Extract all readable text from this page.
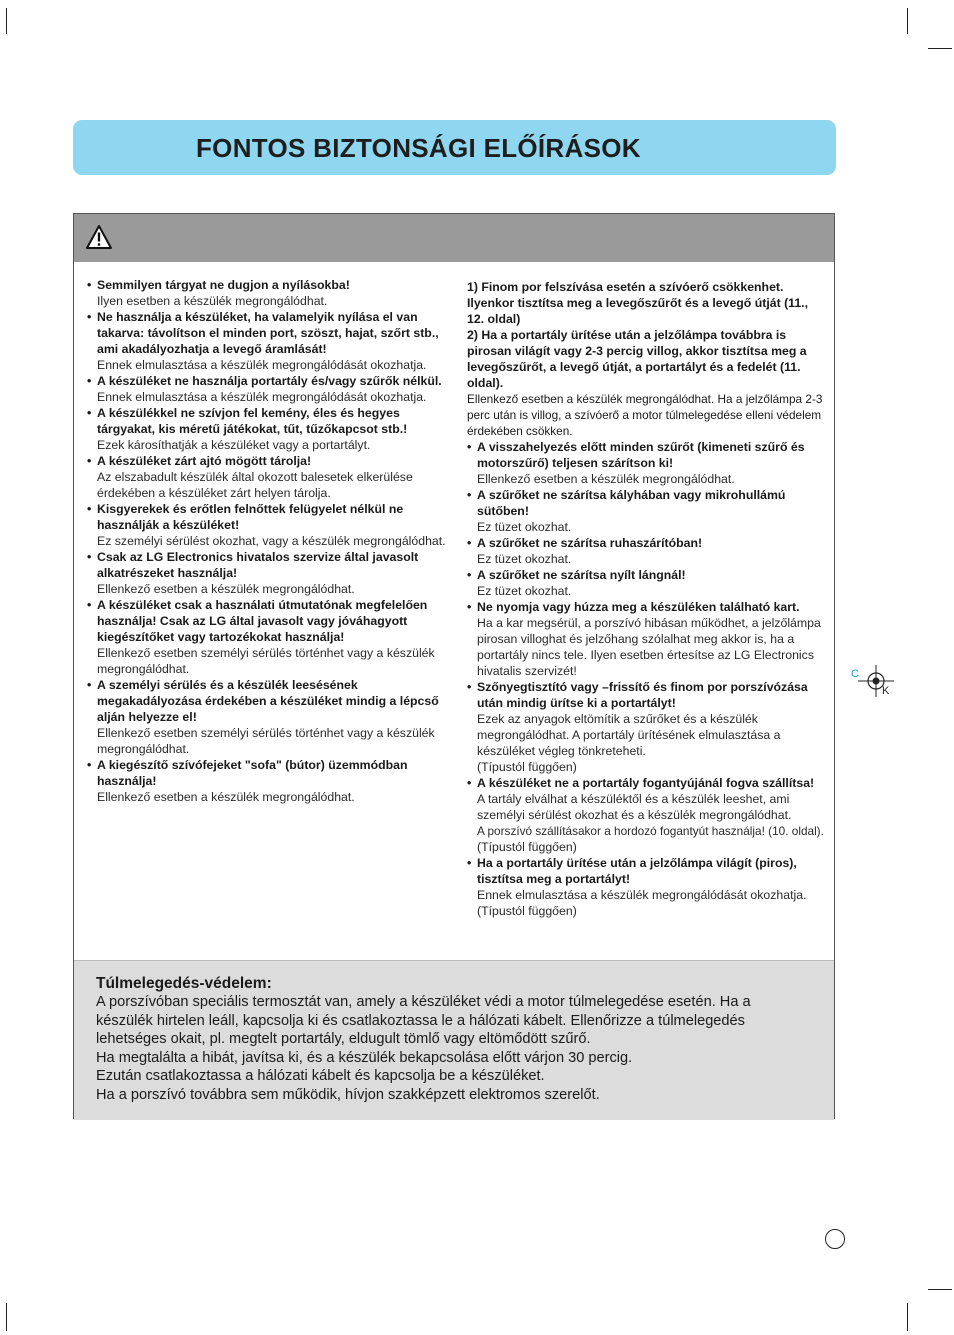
FONTOS BIZTONSÁGI ELŐÍRÁSOK
• Semmilyen tárgyat ne dugjon a nyílásokba!
Ilyen esetben a készülék megrongálódhat.
• Ne használja a készüléket, ha valamelyik nyílása el van takarva: távolítson el minden port, szöszt, hajat, szőrt stb., ami akadályozhatja a levegő áramlását!
Ennek elmulasztása a készülék megrongálódását okozhatja.
• A készüléket ne használja portartály és/vagy szűrők nélkül.
Ennek elmulasztása a készülék megrongálódását okozhatja.
• A készülékkel ne szívjon fel kemény, éles és hegyes tárgyakat, kis méretű játékokat, tűt, tűzőkapcsot stb.!
Ezek károsíthatják a készüléket vagy a portartályt.
• A készüléket zárt ajtó mögött tárolja!
Az elszabadult készülék által okozott balesetek elkerülése érdekében a készüléket zárt helyen tárolja.
• Kisgyerekek és erőtlen felnőttek felügyelet nélkül ne használják a készüléket!
Ez személyi sérülést okozhat, vagy a készülék megrongálódhat.
• Csak az LG Electronics hivatalos szervize által javasolt alkatrészeket használja!
Ellenkező esetben a készülék megrongálódhat.
• A készüléket csak a használati útmutatónak megfelelően használja! Csak az LG által javasolt vagy jóváhagyott kiegészítőket vagy tartozékokat használja!
Ellenkező esetben személyi sérülés történhet vagy a készülék megrongálódhat.
• A személyi sérülés és a készülék leesésének megakadályozása érdekében a készüléket mindig a lépcső alján helyezze el!
Ellenkező esetben személyi sérülés történhet vagy a készülék megrongálódhat.
• A kiegészítő szívófejeket "sofa" (bútor) üzemmódban használja!
Ellenkező esetben a készülék megrongálódhat.
1) Finom por felszívása esetén a szívóerő csökkenhet. Ilyenkor tisztítsa meg a levegőszűrőt és a levegő útját (11., 12. oldal)
2) Ha a portartály ürítése után a jelzőlámpa továbbra is pirosan világít vagy 2-3 percig villog, akkor tisztítsa meg a levegőszűrőt, a levegő útját, a portartályt és a fedelét (11. oldal).
Ellenkező esetben a készülék megrongálódhat. Ha a jelzőlámpa 2-3 perc után is villog, a szívóerő a motor túlmelegedése elleni védelem érdekében csökken.
• A visszahelyezés előtt minden szűrőt (kimeneti szűrő és motorszűrő) teljesen szárítson ki!
Ellenkező esetben a készülék megrongálódhat.
• A szűrőket ne szárítsa kályhában vagy mikrohullámú sütőben!
Ez tüzet okozhat.
• A szűrőket ne szárítsa ruhaszárítóban!
Ez tüzet okozhat.
• A szűrőket ne szárítsa nyílt lángnál!
Ez tüzet okozhat.
• Ne nyomja vagy húzza meg a készüléken található kart.
Ha a kar megsérül, a porszívó hibásan működhet, a jelzőlámpa pirosan villoghat és jelzőhang szólalhat meg akkor is, ha a portartály nincs tele. Ilyen esetben értesítse az LG Electronics hivatalis szervizét!
• Szőnyegtisztító vagy –frissítő és finom por porszívózása után mindig ürítse ki a portartályt!
Ezek az anyagok eltömítik a szűrőket és a készülék megrongálódhat. A portartály ürítésének elmulasztása a készüléket végleg tönkreteheti.
(Típustól függően)
• A készüléket ne a portartály fogantyújánál fogva szállítsa!
A tartály elválhat a készüléktől és a készülék leeshet, ami személyi sérülést okozhat és a készülék megrongálódhat.
A porszívó szállításakor a hordozó fogantyút használja! (10. oldal).
(Típustól függően)
• Ha a portartály ürítése után a jelzőlámpa világít (piros), tisztítsa meg a portartályt!
Ennek elmulasztása a készülék megrongálódását okozhatja.
(Típustól függően)
Túlmelegedés-védelem:
A porszívóban speciális termosztát van, amely a készüléket védi a motor túlmelegedése esetén. Ha a
készülék hirtelen leáll, kapcsolja ki és csatlakoztassa le a hálózati kábelt. Ellenőrizze a túlmelegedés
lehetséges okait, pl. megtelt portartály, eldugult tömlő vagy eltömődött szűrő.
Ha megtalálta a hibát, javítsa ki, és a készülék bekapcsolása előtt várjon 30 percig.
Ezután csatlakoztassa a hálózati kábelt és kapcsolja be a készüléket.
Ha a porszívó továbbra sem működik, hívjon szakképzett elektromos szerelőt.
C
K
